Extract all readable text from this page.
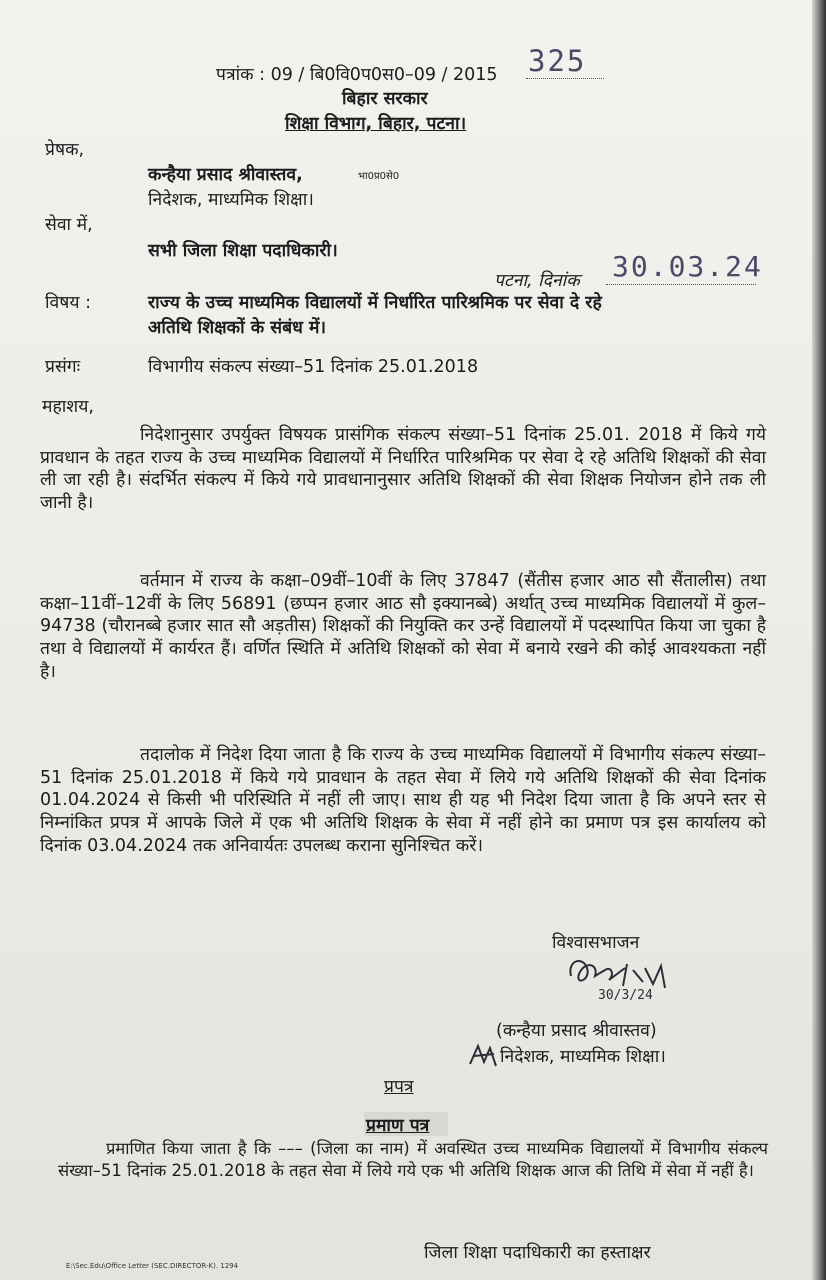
पत्रांक : 09 / बि0वि0प0स0–09 / 2015 325
बिहार सरकार
शिक्षा विभाग, बिहार, पटना।
प्रेषक,
कन्हैया प्रसाद श्रीवास्तव,	भा0प्र0से0
निदेशक, माध्यमिक शिक्षा।
सेवा में,
सभी जिला शिक्षा पदाधिकारी।
पटना, दिनांक 30.03.24
विषय :	राज्य के उच्च माध्यमिक विद्यालयों में निर्धारित पारिश्रमिक पर सेवा दे रहे
अतिथि शिक्षकों के संबंध में।
प्रसंगः	विभागीय संकल्प संख्या–51 दिनांक 25.01.2018
महाशय,
निदेशानुसार उपर्युक्त विषयक प्रासंगिक संकल्प संख्या–51 दिनांक 25.01. 2018 में किये गये प्रावधान के तहत राज्य के उच्च माध्यमिक विद्यालयों में निर्धारित पारिश्रमिक पर सेवा दे रहे अतिथि शिक्षकों की सेवा ली जा रही है। संदर्भित संकल्प में किये गये प्रावधानानुसार अतिथि शिक्षकों की सेवा शिक्षक नियोजन होने तक ली जानी है।
वर्तमान में राज्य के कक्षा–09वीं–10वीं के लिए 37847 (सैंतीस हजार आठ सौ सैंतालीस) तथा कक्षा–11वीं–12वीं के लिए 56891 (छप्पन हजार आठ सौ इक्यानब्बे) अर्थात् उच्च माध्यमिक विद्यालयों में कुल–94738 (चौरानब्बे हजार सात सौ अड़तीस) शिक्षकों की नियुक्ति कर उन्हें विद्यालयों में पदस्थापित किया जा चुका है तथा वे विद्यालयों में कार्यरत हैं। वर्णित स्थिति में अतिथि शिक्षकों को सेवा में बनाये रखने की कोई आवश्यकता नहीं है।
तदालोक में निदेश दिया जाता है कि राज्य के उच्च माध्यमिक विद्यालयों में विभागीय संकल्प संख्या–51 दिनांक 25.01.2018 में किये गये प्रावधान के तहत सेवा में लिये गये अतिथि शिक्षकों की सेवा दिनांक 01.04.2024 से किसी भी परिस्थिति में नहीं ली जाए। साथ ही यह भी निदेश दिया जाता है कि अपने स्तर से निम्नांकित प्रपत्र में आपके जिले में एक भी अतिथि शिक्षक के सेवा में नहीं होने का प्रमाण पत्र इस कार्यालय को दिनांक 03.04.2024 तक अनिवार्यतः उपलब्ध कराना सुनिश्चित करें।
विश्वासभाजन
30/3/24
(कन्हैया प्रसाद श्रीवास्तव)
निदेशक, माध्यमिक शिक्षा।
प्रपत्र
प्रमाण पत्र
प्रमाणित किया जाता है कि ––– (जिला का नाम) में अवस्थित उच्च माध्यमिक विद्यालयों में विभागीय संकल्प संख्या–51 दिनांक 25.01.2018 के तहत सेवा में लिये गये एक भी अतिथि शिक्षक आज की तिथि में सेवा में नहीं है।
जिला शिक्षा पदाधिकारी का हस्ताक्षर
E:\Sec.Edu\Office Letter (SEC.DIRECTOR-K). 1294
